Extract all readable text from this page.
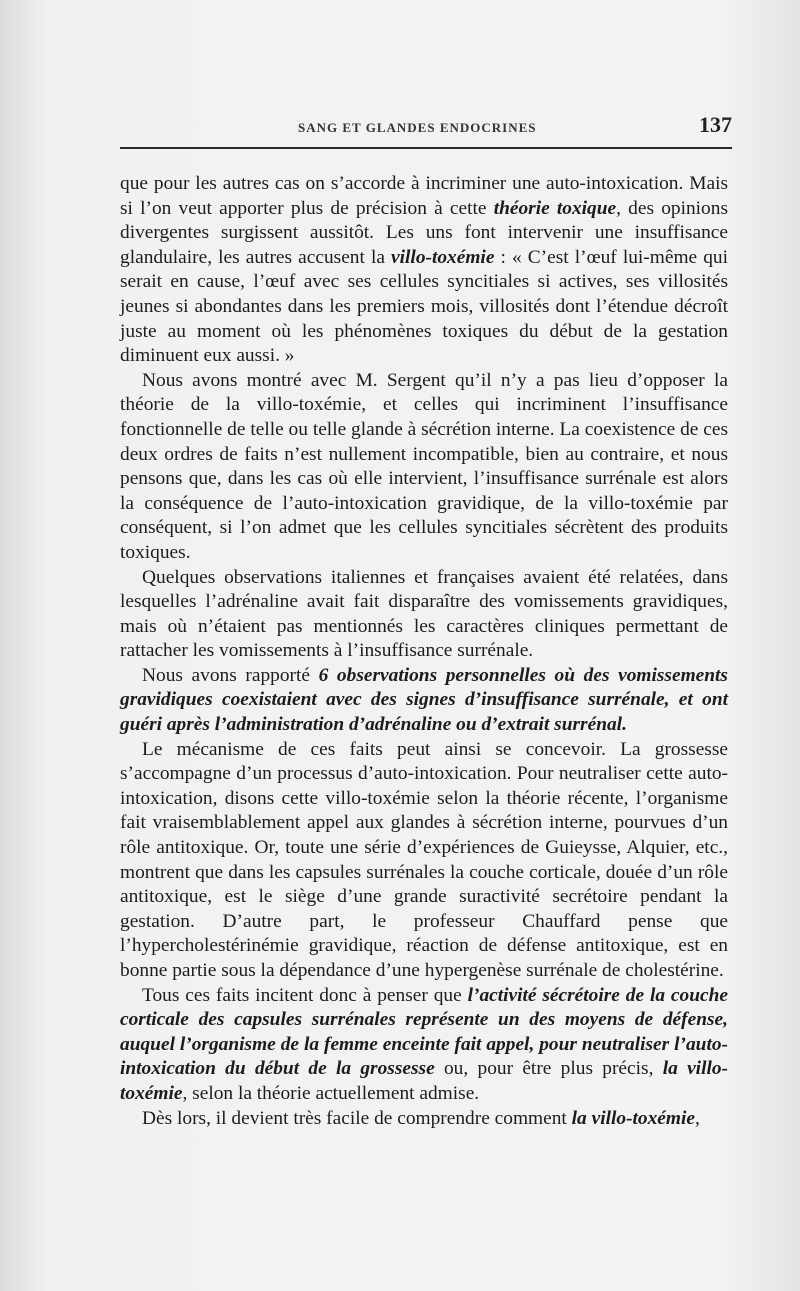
SANG ET GLANDES ENDOCRINES	137

que pour les autres cas on s’accorde à incriminer une auto-intoxication. Mais si l’on veut apporter plus de précision à cette théorie toxique, des opinions divergentes surgissent aussitôt. Les uns font intervenir une insuffisance glandulaire, les autres accusent la villo-toxémie : « C’est l’œuf lui-même qui serait en cause, l’œuf avec ses cellules syncitiales si actives, ses villosités jeunes si abondantes dans les premiers mois, villosités dont l’étendue décroît juste au moment où les phénomènes toxiques du début de la gestation diminuent eux aussi. »

Nous avons montré avec M. Sergent qu’il n’y a pas lieu d’opposer la théorie de la villo-toxémie, et celles qui incriminent l’insuffisance fonctionnelle de telle ou telle glande à sécrétion interne. La coexistence de ces deux ordres de faits n’est nullement incompatible, bien au contraire, et nous pensons que, dans les cas où elle intervient, l’insuffisance surrénale est alors la conséquence de l’auto-intoxication gravidique, de la villo-toxémie par conséquent, si l’on admet que les cellules syncitiales sécrètent des produits toxiques.

Quelques observations italiennes et françaises avaient été relatées, dans lesquelles l’adrénaline avait fait disparaître des vomissements gravidiques, mais où n’étaient pas mentionnés les caractères cliniques permettant de rattacher les vomissements à l’insuffisance surrénale.

Nous avons rapporté 6 observations personnelles où des vomissements gravidiques coexistaient avec des signes d’insuffisance surrénale, et ont guéri après l’administration d’adrénaline ou d’extrait surrénal.

Le mécanisme de ces faits peut ainsi se concevoir. La grossesse s’accompagne d’un processus d’auto-intoxication. Pour neutraliser cette auto-intoxication, disons cette villo-toxémie selon la théorie récente, l’organisme fait vraisemblablement appel aux glandes à sécrétion interne, pourvues d’un rôle antitoxique. Or, toute une série d’expériences de Guieysse, Alquier, etc., montrent que dans les capsules surrénales la couche corticale, douée d’un rôle antitoxique, est le siège d’une grande suractivité secrétoire pendant la gestation. D’autre part, le professeur Chauffard pense que l’hypercholestérinémie gravidique, réaction de défense antitoxique, est en bonne partie sous la dépendance d’une hypergenèse surrénale de cholestérine.

Tous ces faits incitent donc à penser que l’activité sécrétoire de la couche corticale des capsules surrénales représente un des moyens de défense, auquel l’organisme de la femme enceinte fait appel, pour neutraliser l’auto-intoxication du début de la grossesse ou, pour être plus précis, la villo-toxémie, selon la théorie actuellement admise.

Dès lors, il devient très facile de comprendre comment la villo-toxémie,
